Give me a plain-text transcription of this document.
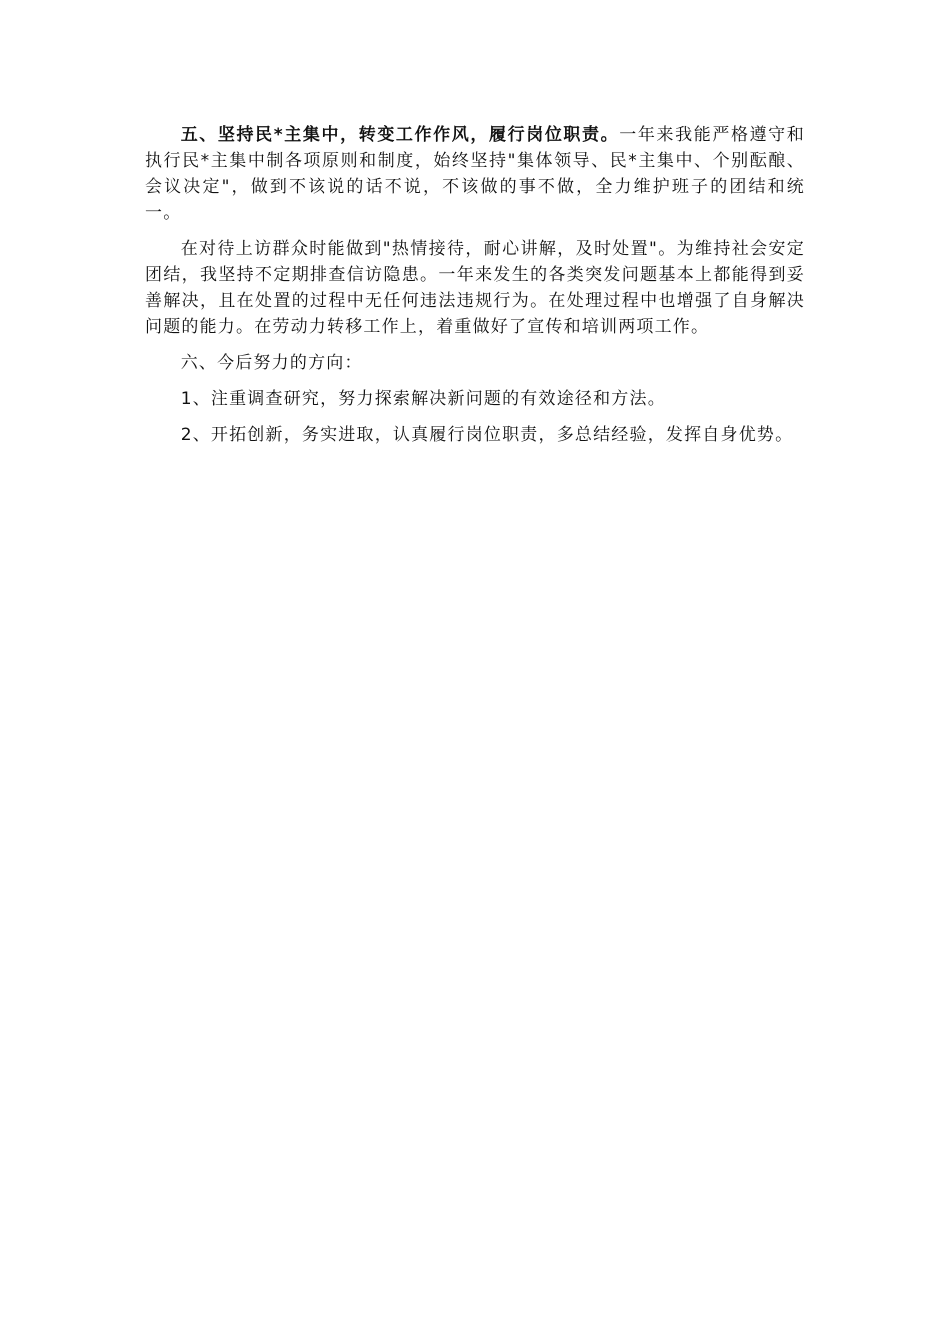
五、坚持民*主集中，转变工作作风，履行岗位职责。一年来我能严格遵守和执行民*主集中制各项原则和制度，始终坚持"集体领导、民*主集中、个别酝酿、会议决定"，做到不该说的话不说，不该做的事不做，全力维护班子的团结和统一。

在对待上访群众时能做到"热情接待，耐心讲解，及时处置"。为维持社会安定团结，我坚持不定期排查信访隐患。一年来发生的各类突发问题基本上都能得到妥善解决，且在处置的过程中无任何违法违规行为。在处理过程中也增强了自身解决问题的能力。在劳动力转移工作上，着重做好了宣传和培训两项工作。

六、今后努力的方向：

1、注重调查研究，努力探索解决新问题的有效途径和方法。

2、开拓创新，务实进取，认真履行岗位职责，多总结经验，发挥自身优势。
